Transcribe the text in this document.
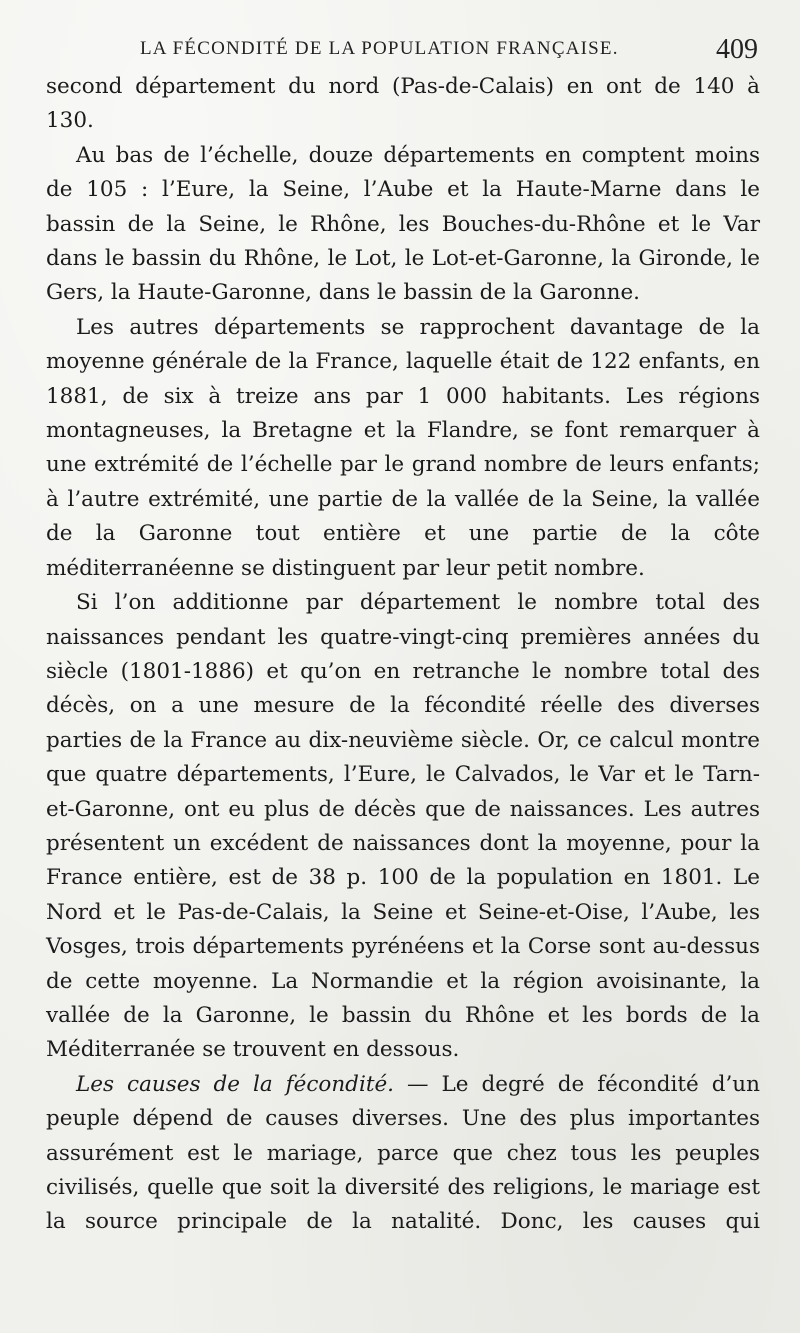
LA FÉCONDITÉ DE LA POPULATION FRANÇAISE.	409

second département du nord (Pas-de-Calais) en ont de 140 à 130.

Au bas de l’échelle, douze départements en comptent moins de 105 : l’Eure, la Seine, l’Aube et la Haute-Marne dans le bassin de la Seine, le Rhône, les Bouches-du-Rhône et le Var dans le bassin du Rhône, le Lot, le Lot-et-Garonne, la Gironde, le Gers, la Haute-Garonne, dans le bassin de la Garonne.

Les autres départements se rapprochent davantage de la moyenne générale de la France, laquelle était de 122 enfants, en 1881, de six à treize ans par 1 000 habitants. Les régions montagneuses, la Bretagne et la Flandre, se font remarquer à une extrémité de l’échelle par le grand nombre de leurs enfants; à l’autre extrémité, une partie de la vallée de la Seine, la vallée de la Garonne tout entière et une partie de la côte méditerranéenne se distinguent par leur petit nombre.

Si l’on additionne par département le nombre total des naissances pendant les quatre-vingt-cinq premières années du siècle (1801-1886) et qu’on en retranche le nombre total des décès, on a une mesure de la fécondité réelle des diverses parties de la France au dix-neuvième siècle. Or, ce calcul montre que quatre départements, l’Eure, le Calvados, le Var et le Tarn-et-Garonne, ont eu plus de décès que de naissances. Les autres présentent un excédent de naissances dont la moyenne, pour la France entière, est de 38 p. 100 de la population en 1801. Le Nord et le Pas-de-Calais, la Seine et Seine-et-Oise, l’Aube, les Vosges, trois départements pyrénéens et la Corse sont au-dessus de cette moyenne. La Normandie et la région avoisinante, la vallée de la Garonne, le bassin du Rhône et les bords de la Méditerranée se trouvent en dessous.

Les causes de la fécondité. — Le degré de fécondité d’un peuple dépend de causes diverses. Une des plus importantes assurément est le mariage, parce que chez tous les peuples civilisés, quelle que soit la diversité des religions, le mariage est la source principale de la natalité. Donc, les causes qui
